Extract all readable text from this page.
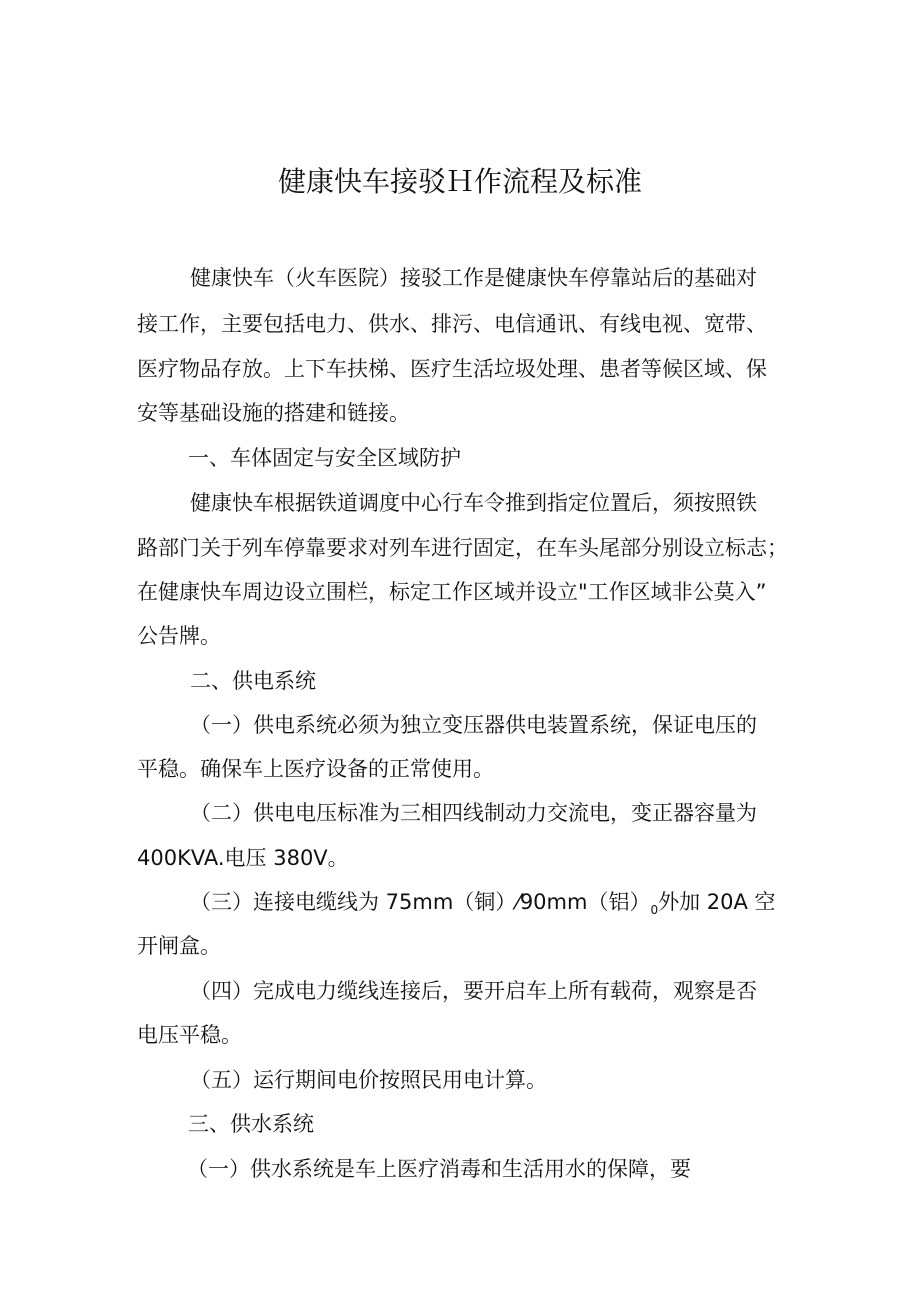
健康快车接驳Ｈ作流程及标准

健康快车（火车医院）接驳工作是健康快车停靠站后的基础对

接工作，主要包括电力、供水、排污、电信通讯、有线电视、宽带、

医疗物品存放。上下车扶梯、医疗生活垃圾处理、患者等候区域、保

安等基础设施的搭建和链接。

一、车体固定与安全区域防护

健康快车根据铁道调度中心行车令推到指定位置后，须按照铁

路部门关于列车停靠要求对列车进行固定，在车头尾部分别设立标志；

在健康快车周边设立围栏，标定工作区域并设立"工作区域非公莫入”

公告牌。

二、供电系统

（一）供电系统必须为独立变压器供电装置系统，保证电压的

平稳。确保车上医疗设备的正常使用。

（二）供电电压标准为三相四线制动力交流电，变正器容量为

400KVA.电压 380V。

（三）连接电缆线为 75mm（铜）⁄90mm（铝）$_0$外加 20A 空

开闸盒。

（四）完成电力缆线连接后，要开启车上所有载荷，观察是否

电压平稳。

（五）运行期间电价按照民用电计算。

三、供水系统

（一）供水系统是车上医疗消毒和生活用水的保障，要
